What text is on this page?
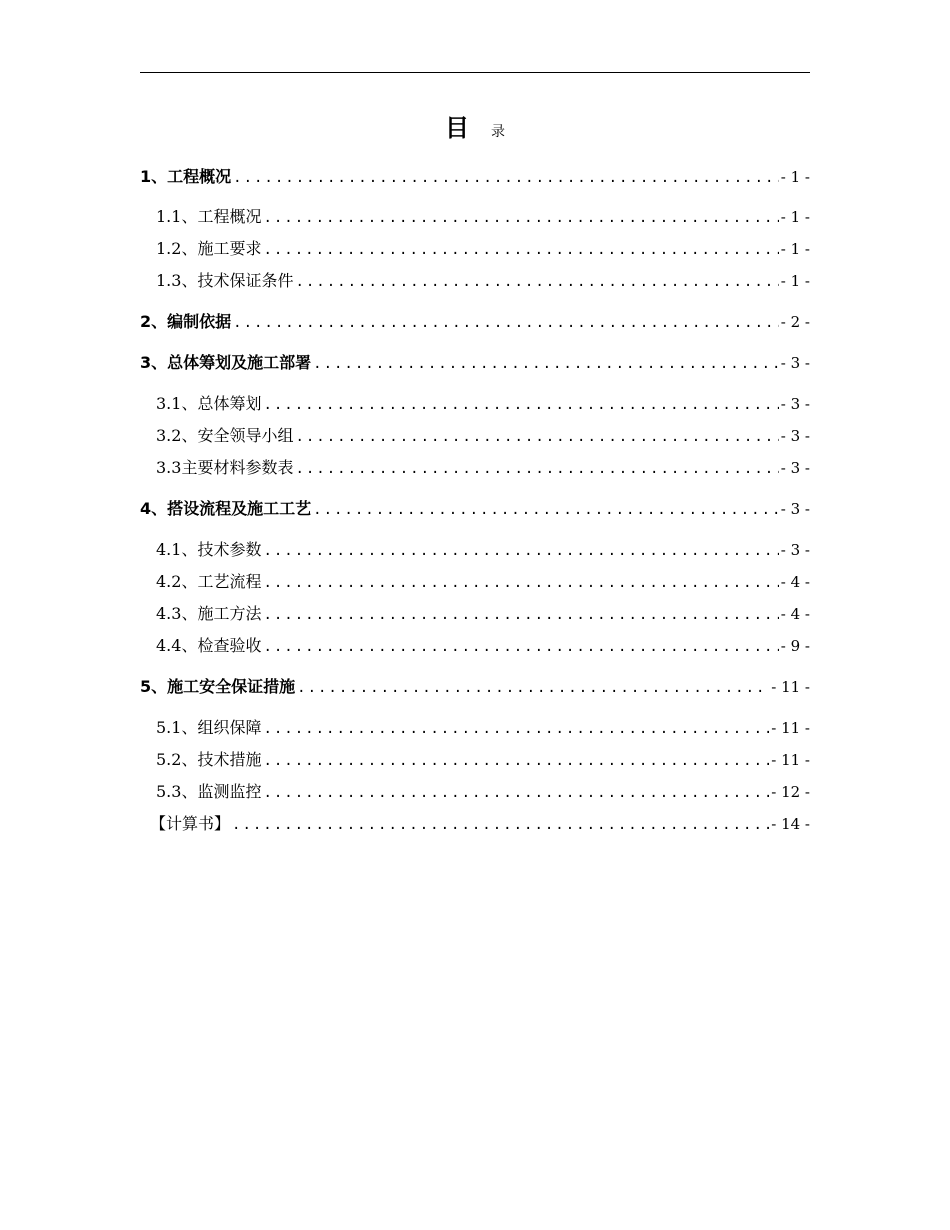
目 录
1、工程概况 .....	- 1 -
1.1、工程概况 .....	- 1 -
1.2、施工要求 .....	- 1 -
1.3、技术保证条件 .....	- 1 -
2、编制依据 .....	- 2 -
3、总体筹划及施工部署 .....	- 3 -
3.1、总体筹划 .....	- 3 -
3.2、安全领导小组 .....	- 3 -
3.3主要材料参数表 .....	- 3 -
4、搭设流程及施工工艺 .....	- 3 -
4.1、技术参数 .....	- 3 -
4.2、工艺流程 .....	- 4 -
4.3、施工方法 .....	- 4 -
4.4、检查验收 .....	- 9 -
5、施工安全保证措施 .....	- 11 -
5.1、组织保障 .....	- 11 -
5.2、技术措施 .....	- 11 -
5.3、监测监控 .....	- 12 -
【计算书】 .....	- 14 -
